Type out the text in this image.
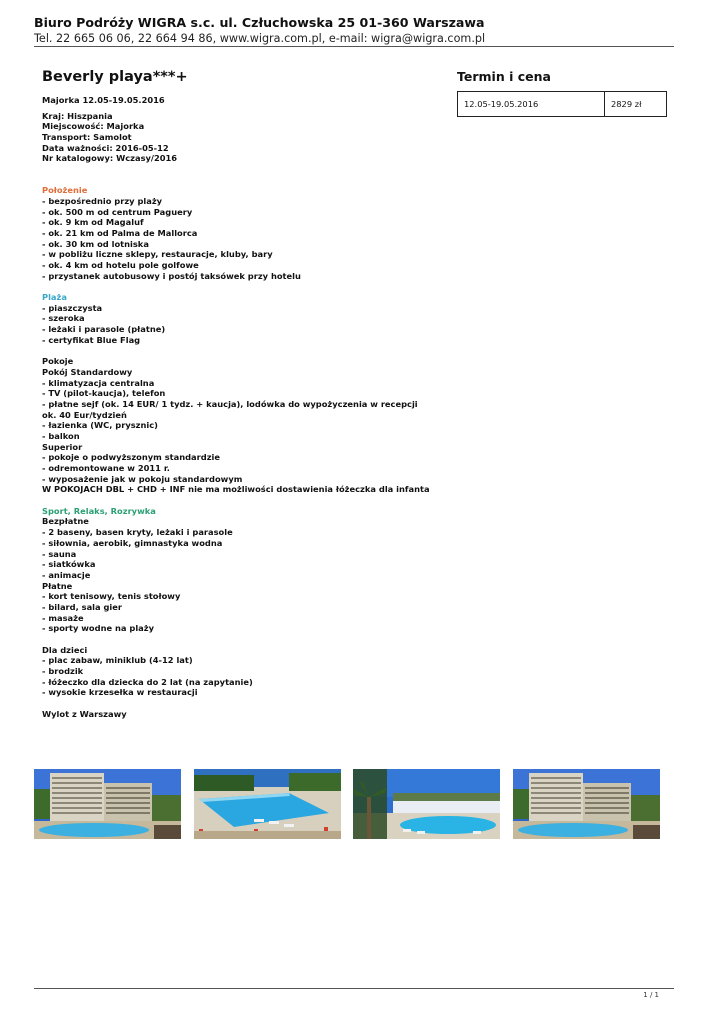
Biuro Podróży WIGRA s.c. ul. Człuchowska 25 01-360 Warszawa
Tel. 22 665 06 06, 22 664 94 86, www.wigra.com.pl, e-mail: wigra@wigra.com.pl
Beverly playa***+	Termin i cena
12.05-19.05.2016	2829 zł
Majorka 12.05-19.05.2016
Kraj: Hiszpania
Miejscowość: Majorka
Transport: Samolot
Data ważności: 2016-05-12
Nr katalogowy: Wczasy/2016
Położenie
- bezpośrednio przy plaży
- ok. 500 m od centrum Paguery
- ok. 9 km od Magaluf
- ok. 21 km od Palma de Mallorca
- ok. 30 km od lotniska
- w pobliżu liczne sklepy, restauracje, kluby, bary
- ok. 4 km od hotelu pole golfowe
- przystanek autobusowy i postój taksówek przy hotelu
Plaża
- piaszczysta
- szeroka
- leżaki i parasole (płatne)
- certyfikat Blue Flag
Pokoje
Pokój Standardowy
- klimatyzacja centralna
- TV (pilot-kaucja), telefon
- płatne sejf (ok. 14 EUR/ 1 tydz. + kaucja), lodówka do wypożyczenia w recepcji
ok. 40 Eur/tydzień
- łazienka (WC, prysznic)
- balkon
Superior
- pokoje o podwyższonym standardzie
- odremontowane w 2011 r.
- wyposażenie jak w pokoju standardowym
W POKOJACH DBL + CHD + INF nie ma możliwości dostawienia łóżeczka dla infanta
Sport, Relaks, Rozrywka
Bezpłatne
- 2 baseny, basen kryty, leżaki i parasole
- siłownia, aerobik, gimnastyka wodna
- sauna
- siatkówka
- animacje
Płatne
- kort tenisowy, tenis stołowy
- bilard, sala gier
- masaże
- sporty wodne na plaży
Dla dzieci
- plac zabaw, miniklub (4-12 lat)
- brodzik
- łóżeczko dla dziecka do 2 lat (na zapytanie)
- wysokie krzesełka w restauracji
Wylot z Warszawy
1 / 1
